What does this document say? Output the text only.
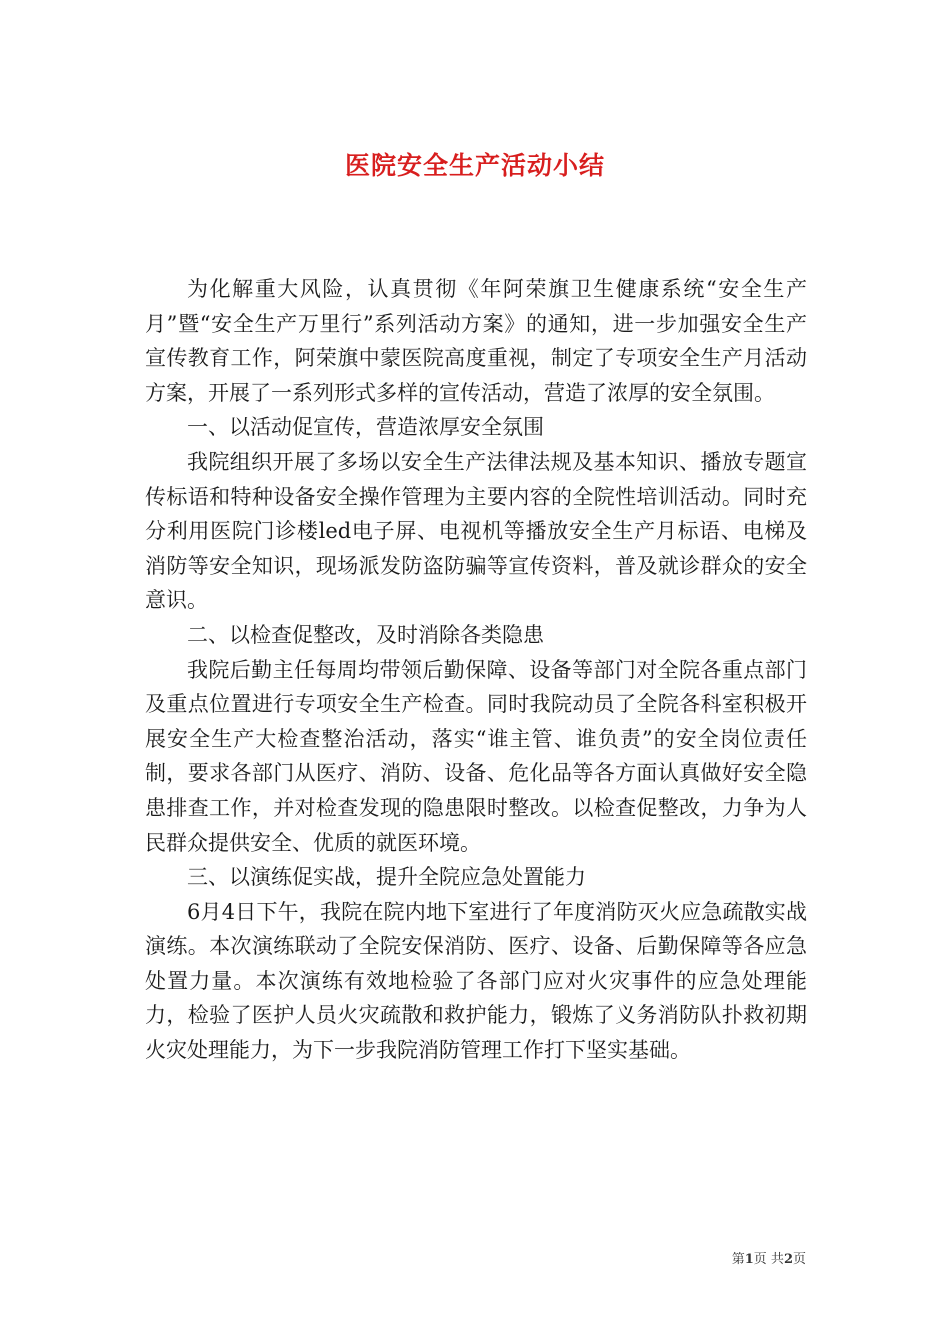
医院安全生产活动小结

为化解重大风险，认真贯彻《年阿荣旗卫生健康系统“安全生产月”暨“安全生产万里行”系列活动方案》的通知，进一步加强安全生产宣传教育工作，阿荣旗中蒙医院高度重视，制定了专项安全生产月活动方案，开展了一系列形式多样的宣传活动，营造了浓厚的安全氛围。

一、以活动促宣传，营造浓厚安全氛围

我院组织开展了多场以安全生产法律法规及基本知识、播放专题宣传标语和特种设备安全操作管理为主要内容的全院性培训活动。同时充分利用医院门诊楼led电子屏、电视机等播放安全生产月标语、电梯及消防等安全知识，现场派发防盗防骗等宣传资料，普及就诊群众的安全意识。

二、以检查促整改，及时消除各类隐患

我院后勤主任每周均带领后勤保障、设备等部门对全院各重点部门及重点位置进行专项安全生产检查。同时我院动员了全院各科室积极开展安全生产大检查整治活动，落实“谁主管、谁负责”的安全岗位责任制，要求各部门从医疗、消防、设备、危化品等各方面认真做好安全隐患排查工作，并对检查发现的隐患限时整改。以检查促整改，力争为人民群众提供安全、优质的就医环境。

三、以演练促实战，提升全院应急处置能力

6月4日下午，我院在院内地下室进行了年度消防灭火应急疏散实战演练。本次演练联动了全院安保消防、医疗、设备、后勤保障等各应急处置力量。本次演练有效地检验了各部门应对火灾事件的应急处理能力，检验了医护人员火灾疏散和救护能力，锻炼了义务消防队扑救初期火灾处理能力，为下一步我院消防管理工作打下坚实基础。

第1页 共2页
